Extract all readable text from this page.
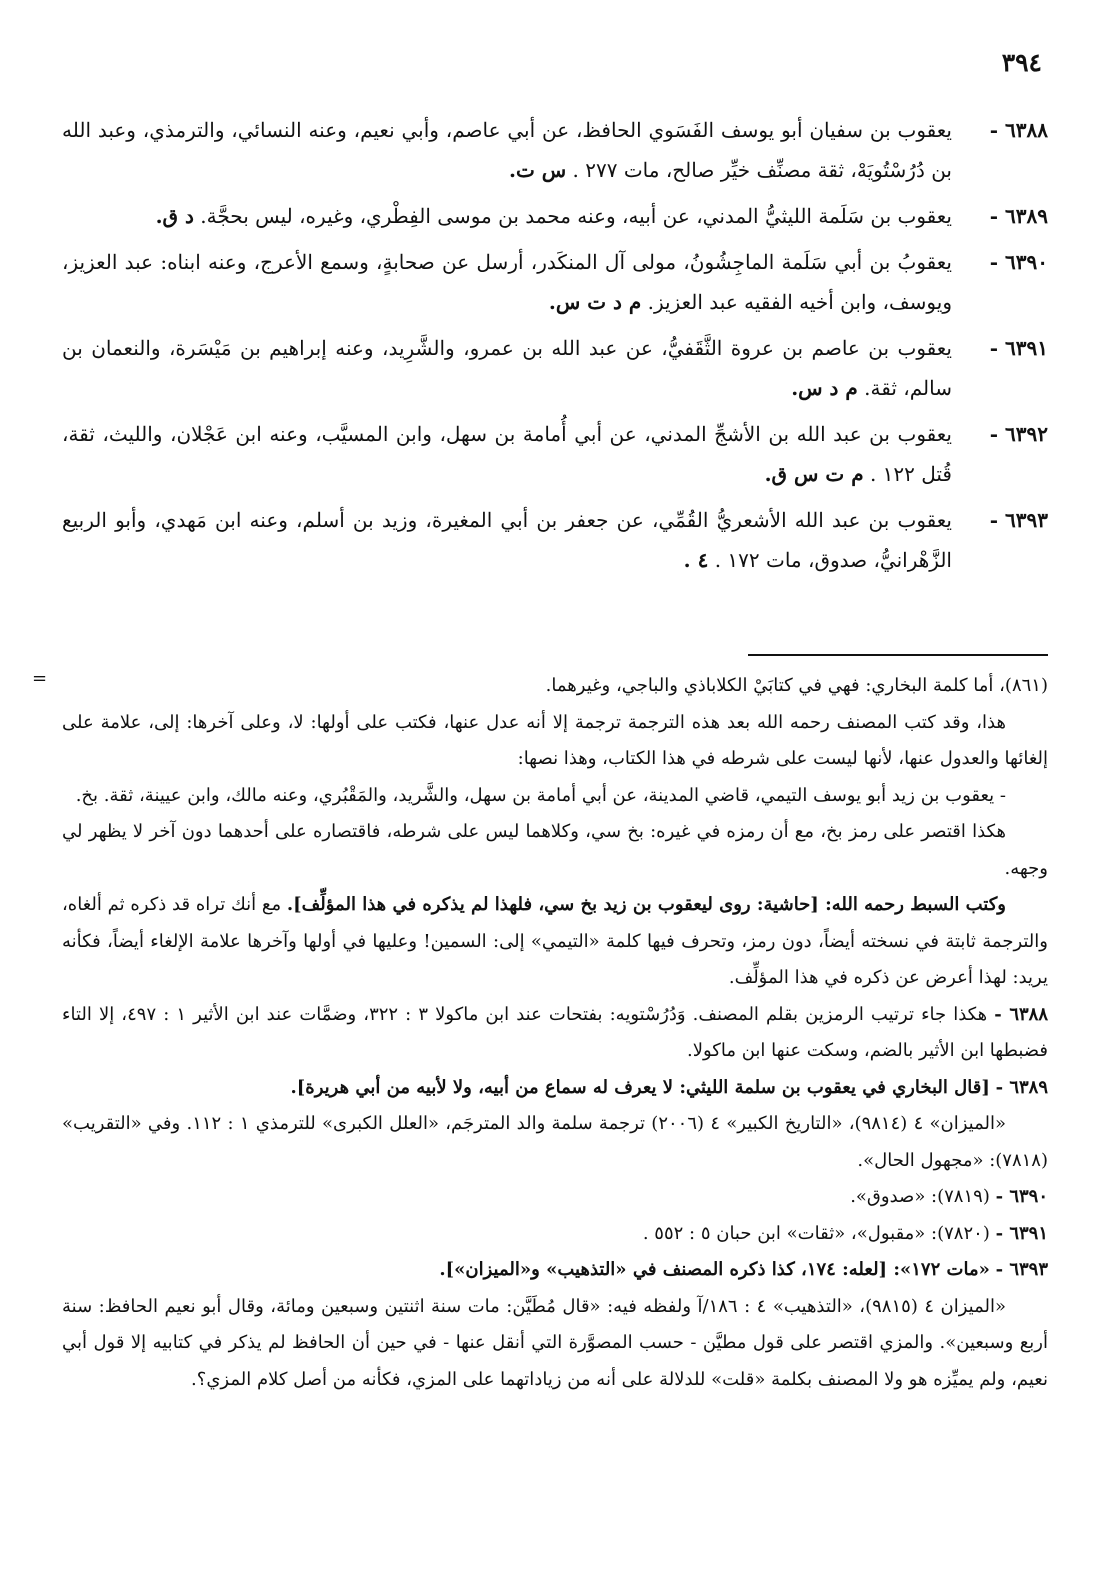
٣٩٤
٦٣٨٨ -
يعقوب بن سفيان أبو يوسف الفَسَوي الحافظ، عن أبي عاصم، وأبي نعيم، وعنه النسائي، والترمذي، وعبد الله بن دُرُسْتُويَهْ، ثقة مصنِّف خيِّر صالح، مات ٢٧٧ . س ت.
٦٣٨٩ -
يعقوب بن سَلَمة الليثيُّ المدني، عن أبيه، وعنه محمد بن موسى الفِطْري، وغيره، ليس بحجَّة. د ق.
٦٣٩٠ -
يعقوبُ بن أبي سَلَمة الماجِشُونُ، مولى آل المنكَدر، أرسل عن صحابةٍ، وسمع الأعرج، وعنه ابناه: عبد العزيز، ويوسف، وابن أخيه الفقيه عبد العزيز. م د ت س.
٦٣٩١ -
يعقوب بن عاصم بن عروة الثَّقَفيُّ، عن عبد الله بن عمرو، والشَّرِيد، وعنه إبراهيم بن مَيْسَرة، والنعمان بن سالم، ثقة. م د س.
٦٣٩٢ -
يعقوب بن عبد الله بن الأشجِّ المدني، عن أبي أُمامة بن سهل، وابن المسيَّب، وعنه ابن عَجْلان، والليث، ثقة، قُتل ١٢٢ . م ت س ق.
٦٣٩٣ -
يعقوب بن عبد الله الأشعريُّ القُمِّي، عن جعفر بن أبي المغيرة، وزيد بن أسلم، وعنه ابن مَهدي، وأبو الربيع الزَّهْرانيُّ، صدوق، مات ١٧٢ . ٤ .
=	(٨٦١)، أما كلمة البخاري: فهي في كتابَيْ الكلاباذي والباجي، وغيرهما.

هذا، وقد كتب المصنف رحمه الله بعد هذه الترجمة ترجمة إلا أنه عدل عنها، فكتب على أولها: لا، وعلى آخرها: إلى، علامة على إلغائها والعدول عنها، لأنها ليست على شرطه في هذا الكتاب، وهذا نصها:

- يعقوب بن زيد أبو يوسف التيمي، قاضي المدينة، عن أبي أمامة بن سهل، والشَّريد، والمَقْبُري، وعنه مالك، وابن عيينة، ثقة. بخ.

هكذا اقتصر على رمز بخ، مع أن رمزه في غيره: بخ سي، وكلاهما ليس على شرطه، فاقتصاره على أحدهما دون آخر لا يظهر لي وجهه.

وكتب السبط رحمه الله: [حاشية: روى ليعقوب بن زيد بخ سي، فلهذا لم يذكره في هذا المؤلِّف]. مع أنك تراه قد ذكره ثم ألغاه، والترجمة ثابتة في نسخته أيضاً، دون رمز، وتحرف فيها كلمة «التيمي» إلى: السمين! وعليها في أولها وآخرها علامة الإلغاء أيضاً، فكأنه يريد: لهذا أعرض عن ذكره في هذا المؤلِّف.

٦٣٨٨ - هكذا جاء ترتيب الرمزين بقلم المصنف. وَدُرُسْتويه: بفتحات عند ابن ماكولا ٣ : ٣٢٢، وضمَّات عند ابن الأثير ١ : ٤٩٧، إلا التاء فضبطها ابن الأثير بالضم، وسكت عنها ابن ماكولا.

٦٣٨٩ - [قال البخاري في يعقوب بن سلمة الليثي: لا يعرف له سماع من أبيه، ولا لأبيه من أبي هريرة].

«الميزان» ٤ (٩٨١٤)، «التاريخ الكبير» ٤ (٢٠٠٦) ترجمة سلمة والد المترجَم، «العلل الكبرى» للترمذي ١ : ١١٢. وفي «التقريب» (٧٨١٨): «مجهول الحال».

٦٣٩٠ - (٧٨١٩): «صدوق».

٦٣٩١ - (٧٨٢٠): «مقبول»، «ثقات» ابن حبان ٥ : ٥٥٢ .

٦٣٩٣ - «مات ١٧٢»: [لعله: ١٧٤، كذا ذكره المصنف في «التذهيب» و«الميزان»].

«الميزان ٤ (٩٨١٥)، «التذهيب» ٤ : ١٨٦/آ ولفظه فيه: «قال مُطَيَّن: مات سنة اثنتين وسبعين ومائة، وقال أبو نعيم الحافظ: سنة أربع وسبعين». والمزي اقتصر على قول مطيَّن - حسب المصوَّرة التي أنقل عنها - في حين أن الحافظ لم يذكر في كتابيه إلا قول أبي نعيم، ولم يميِّزه هو ولا المصنف بكلمة «قلت» للدلالة على أنه من زياداتهما على المزي، فكأنه من أصل كلام المزي؟.
